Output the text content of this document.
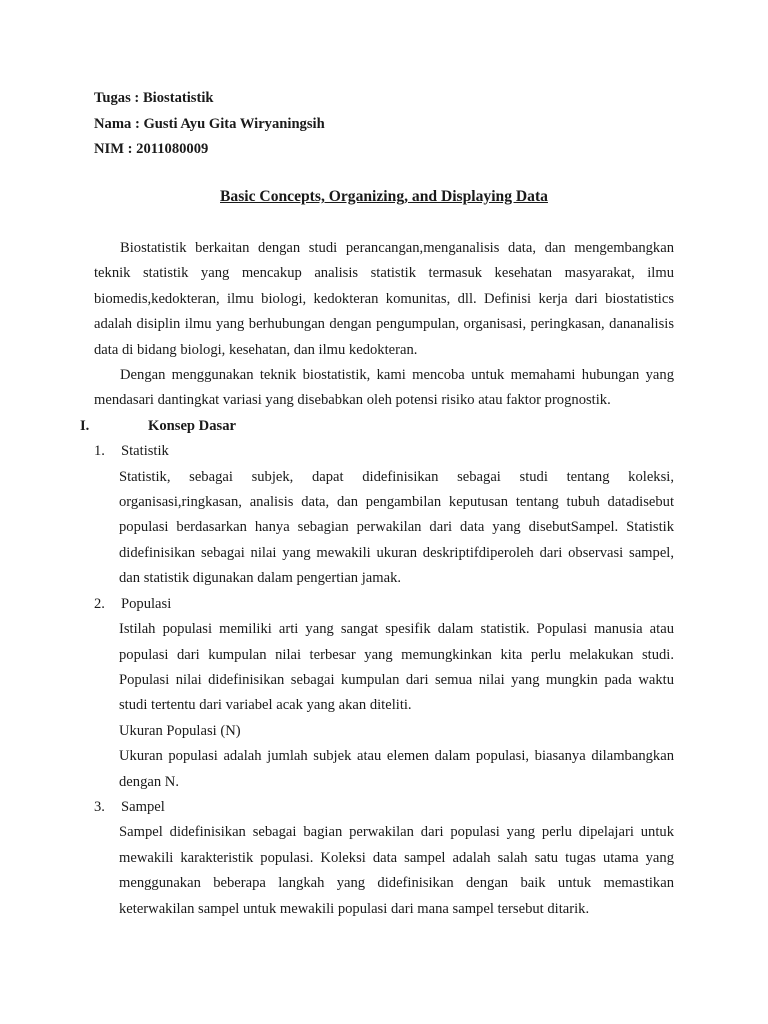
Tugas : Biostatistik
Nama : Gusti Ayu Gita Wiryaningsih
NIM : 2011080009
Basic Concepts, Organizing, and Displaying Data

Biostatistik berkaitan dengan studi perancangan,menganalisis data, dan mengembangkan teknik statistik yang mencakup analisis statistik termasuk kesehatan masyarakat, ilmu biomedis,kedokteran, ilmu biologi, kedokteran komunitas, dll. Definisi kerja dari biostatistics adalah disiplin ilmu yang berhubungan dengan pengumpulan, organisasi, peringkasan, dananalisis data di bidang biologi, kesehatan, dan ilmu kedokteran.

Dengan menggunakan teknik biostatistik, kami mencoba untuk memahami hubungan yang mendasari dantingkat variasi yang disebabkan oleh potensi risiko atau faktor prognostik.

I.	Konsep Dasar
1.	Statistik

Statistik, sebagai subjek, dapat didefinisikan sebagai studi tentang koleksi, organisasi,ringkasan, analisis data, dan pengambilan keputusan tentang tubuh datadisebut populasi berdasarkan hanya sebagian perwakilan dari data yang disebutSampel. Statistik didefinisikan sebagai nilai yang mewakili ukuran deskriptifdiperoleh dari observasi sampel, dan statistik digunakan dalam pengertian jamak.

2.	Populasi

Istilah populasi memiliki arti yang sangat spesifik dalam statistik. Populasi manusia atau populasi dari kumpulan nilai terbesar yang memungkinkan kita perlu melakukan studi. Populasi nilai didefinisikan sebagai kumpulan dari semua nilai yang mungkin pada waktu studi tertentu dari variabel acak yang akan diteliti.

Ukuran Populasi (N)

Ukuran populasi adalah jumlah subjek atau elemen dalam populasi, biasanya dilambangkan dengan N.

3.	Sampel

Sampel didefinisikan sebagai bagian perwakilan dari populasi yang perlu dipelajari untuk mewakili karakteristik populasi. Koleksi data sampel adalah salah satu tugas utama yang menggunakan beberapa langkah yang didefinisikan dengan baik untuk memastikan keterwakilan sampel untuk mewakili populasi dari mana sampel tersebut ditarik.
